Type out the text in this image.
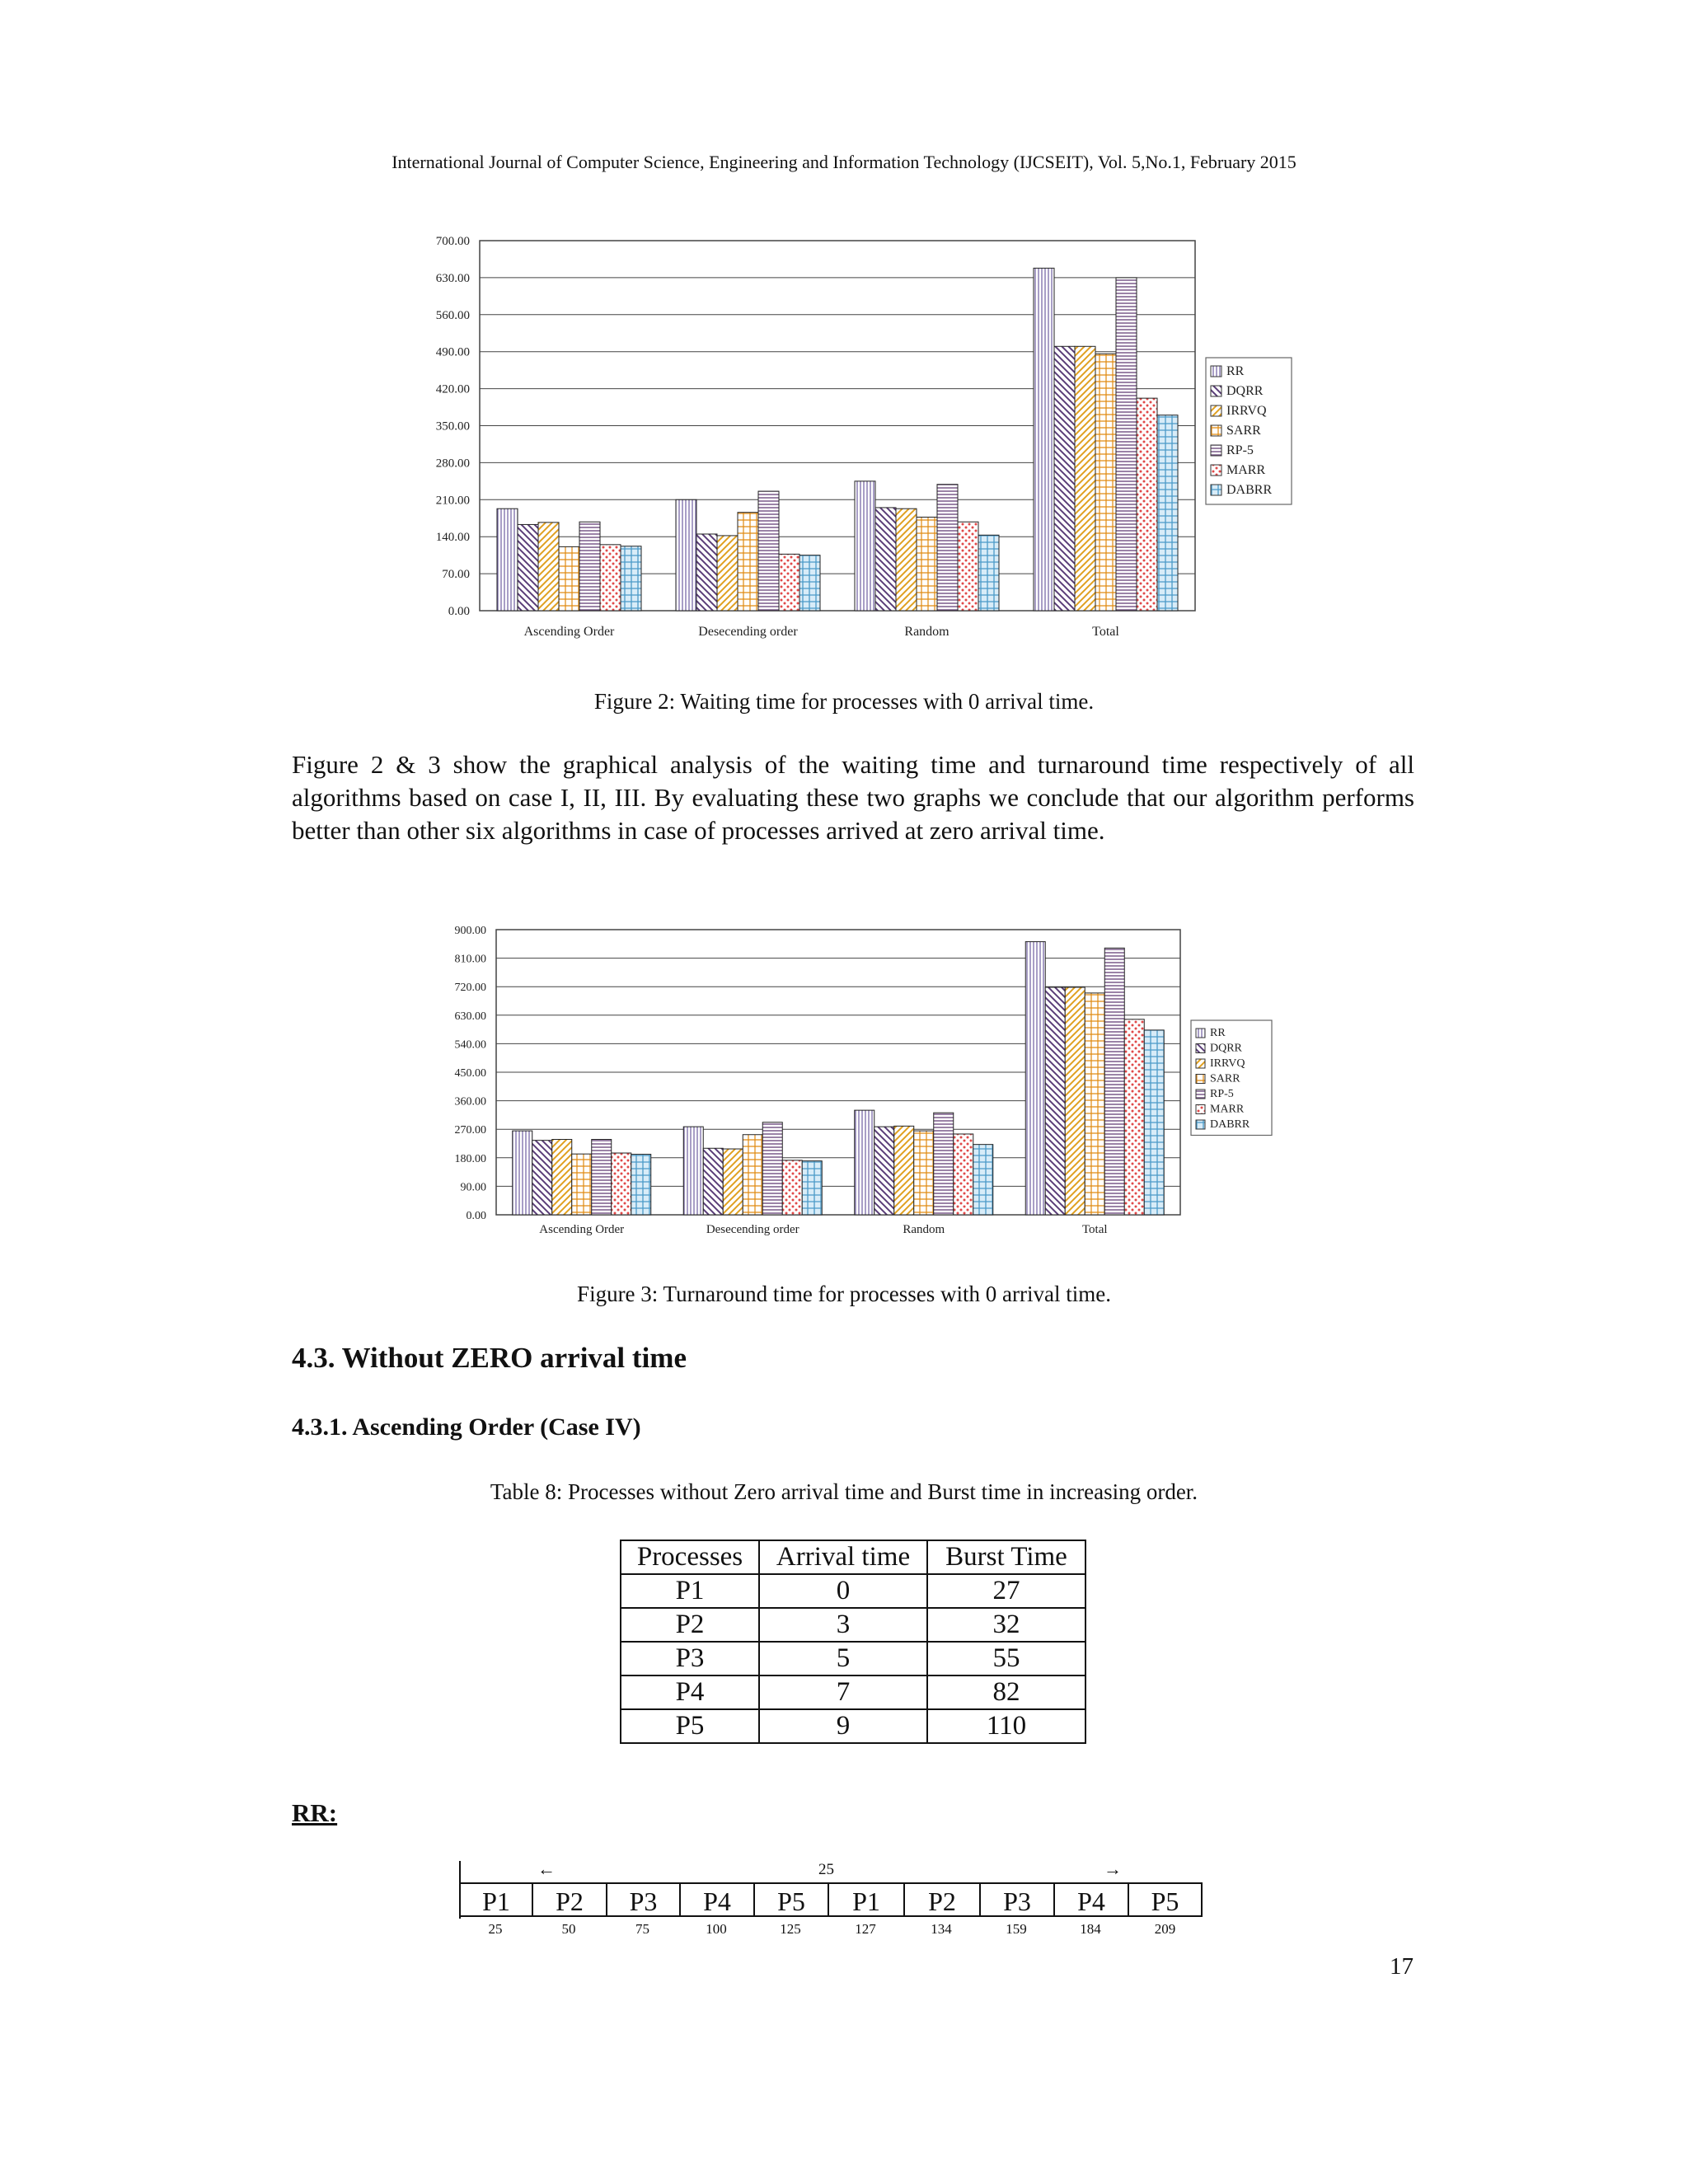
International Journal of Computer Science, Engineering and Information Technology (IJCSEIT), Vol. 5,No.1, February 2015
0.00
70.00
140.00
210.00
280.00
350.00
420.00
490.00
560.00
630.00
700.00
Ascending Order	Desecending order	Random	Total
RR
DQRR
IRRVQ
SARR
RP-5
MARR
DABRR
Figure 2: Waiting time for processes with 0 arrival time.
Figure 2 & 3 show the graphical analysis of the waiting time and turnaround time respectively of all algorithms based on case I, II, III. By evaluating these two graphs we conclude that our algorithm performs better than other six algorithms in case of processes arrived at zero arrival time.
0.00
90.00
180.00
270.00
360.00
450.00
540.00
630.00
720.00
810.00
900.00
Ascending Order	Desecending order	Random	Total
RR
DQRR
IRRVQ
SARR
RP-5
MARR
DABRR
Figure 3: Turnaround time for processes with 0 arrival time.
4.3. Without ZERO arrival time
4.3.1. Ascending Order (Case IV)
Table 8: Processes without Zero arrival time and Burst time in increasing order.
Processes	Arrival time	Burst Time
P1	0	27
P2	3	32
P3	5	55
P4	7	82
P5	9	110
RR:
←	25	→
P1
25
P2
50
P3
75
P4
100
P5
125
P1
127
P2
134
P3
159
P4
184
P5
209
17
